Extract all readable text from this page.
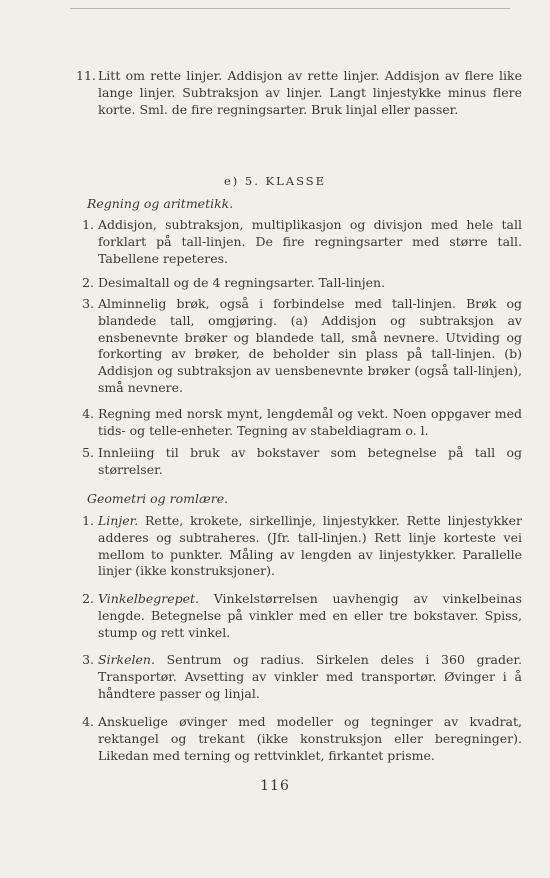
11. Litt om rette linjer. Addisjon av rette linjer. Addisjon av flere like lange linjer. Subtraksjon av linjer. Langt linjestykke minus flere korte. Sml. de fire regningsarter. Bruk linjal eller passer.
e) 5. KLASSE
Regning og aritmetikk.
1. Addisjon, subtraksjon, multiplikasjon og divisjon med hele tall forklart på tall-linjen. De fire regningsarter med større tall. Tabellene repeteres.
2. Desimaltall og de 4 regningsarter. Tall-linjen.
3. Alminnelig brøk, også i forbindelse med tall-linjen. Brøk og blandede tall, omgjøring. (a) Addisjon og subtraksjon av ensbenevnte brøker og blandede tall, små nevnere. Utviding og forkorting av brøker, de beholder sin plass på tall-linjen. (b) Addisjon og subtraksjon av uensbenevnte brøker (også tall-linjen), små nevnere.
4. Regning med norsk mynt, lengdemål og vekt. Noen oppgaver med tids- og telle-enheter. Tegning av stabeldiagram o. l.
5. Innleiing til bruk av bokstaver som betegnelse på tall og størrelser.
Geometri og romlære.
1. Linjer. Rette, krokete, sirkellinje, linjestykker. Rette linjestykker adderes og subtraheres. (Jfr. tall-linjen.) Rett linje korteste vei mellom to punkter. Måling av lengden av linjestykker. Parallelle linjer (ikke konstruksjoner).
2. Vinkelbegrepet. Vinkelstørrelsen uavhengig av vinkelbeinas lengde. Betegnelse på vinkler med en eller tre bokstaver. Spiss, stump og rett vinkel.
3. Sirkelen. Sentrum og radius. Sirkelen deles i 360 grader. Transportør. Avsetting av vinkler med transportør. Øvinger i å håndtere passer og linjal.
4. Anskuelige øvinger med modeller og tegninger av kvadrat, rektangel og trekant (ikke konstruksjon eller beregninger). Likedan med terning og rettvinklet, firkantet prisme.
116
